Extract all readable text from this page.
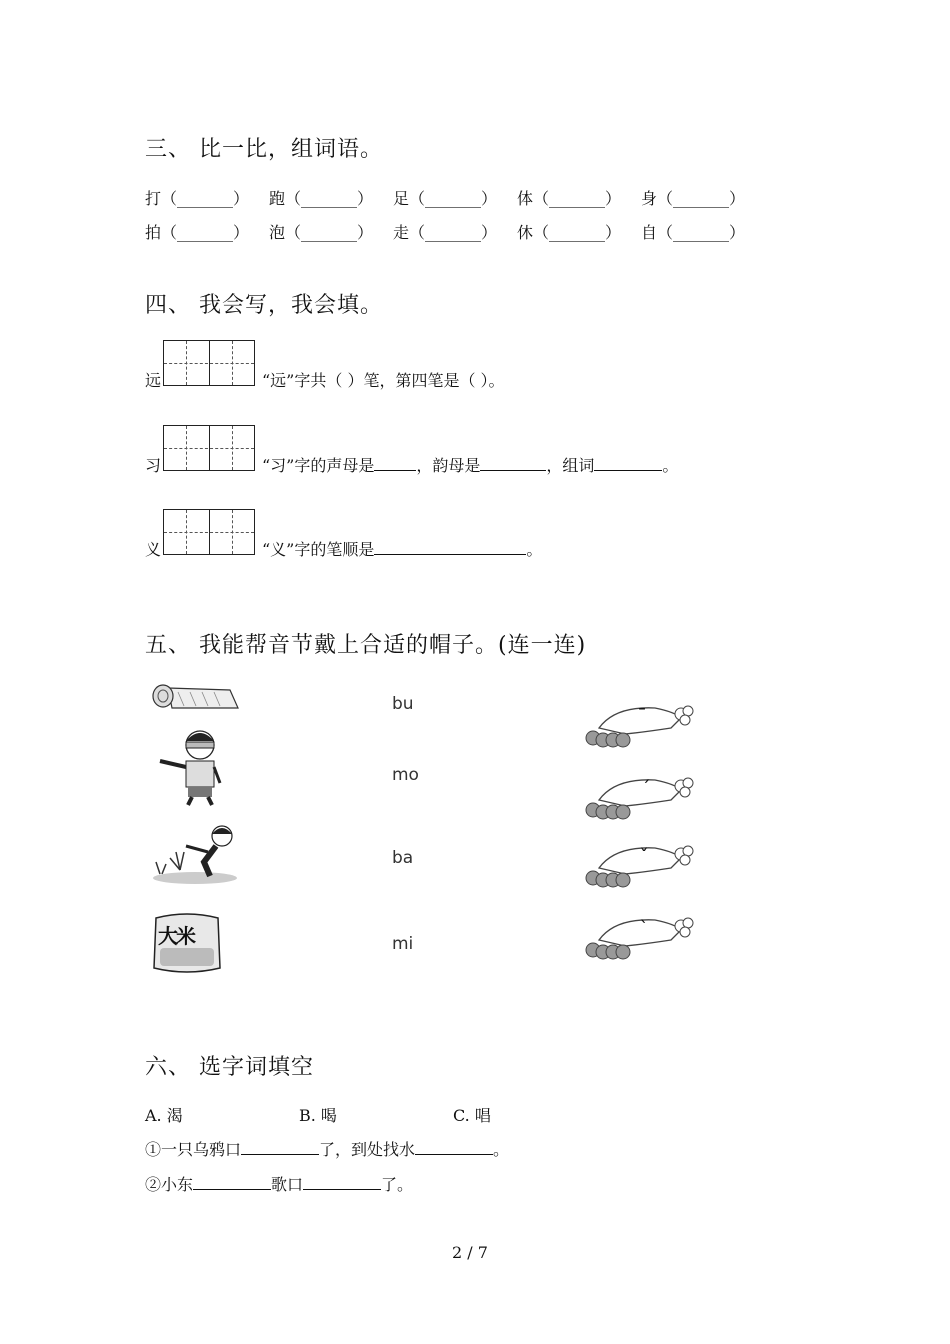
三、 比一比，组词语。
打（_______） 跑（_______） 足（_______） 体（_______） 身（_______）
拍（_______） 泡（_______） 走（_______） 休（_______） 自（_______）
四、 我会写，我会填。
远	“远”字共（ ）笔，第四笔是（ ）。
习	“习”字的声母是	，韵母是	，组词	。
义	“义”字的笔顺是	。
五、 我能帮音节戴上合适的帽子。(连一连)
大米
bu
mo
ba
mi
ˉ
ˊ
ˇ
ˋ
六、 选字词填空
A. 渴	B. 喝	C. 唱
①一只乌鸦口	了，到处找水	。
②小东	歌口	了。
2 / 7
